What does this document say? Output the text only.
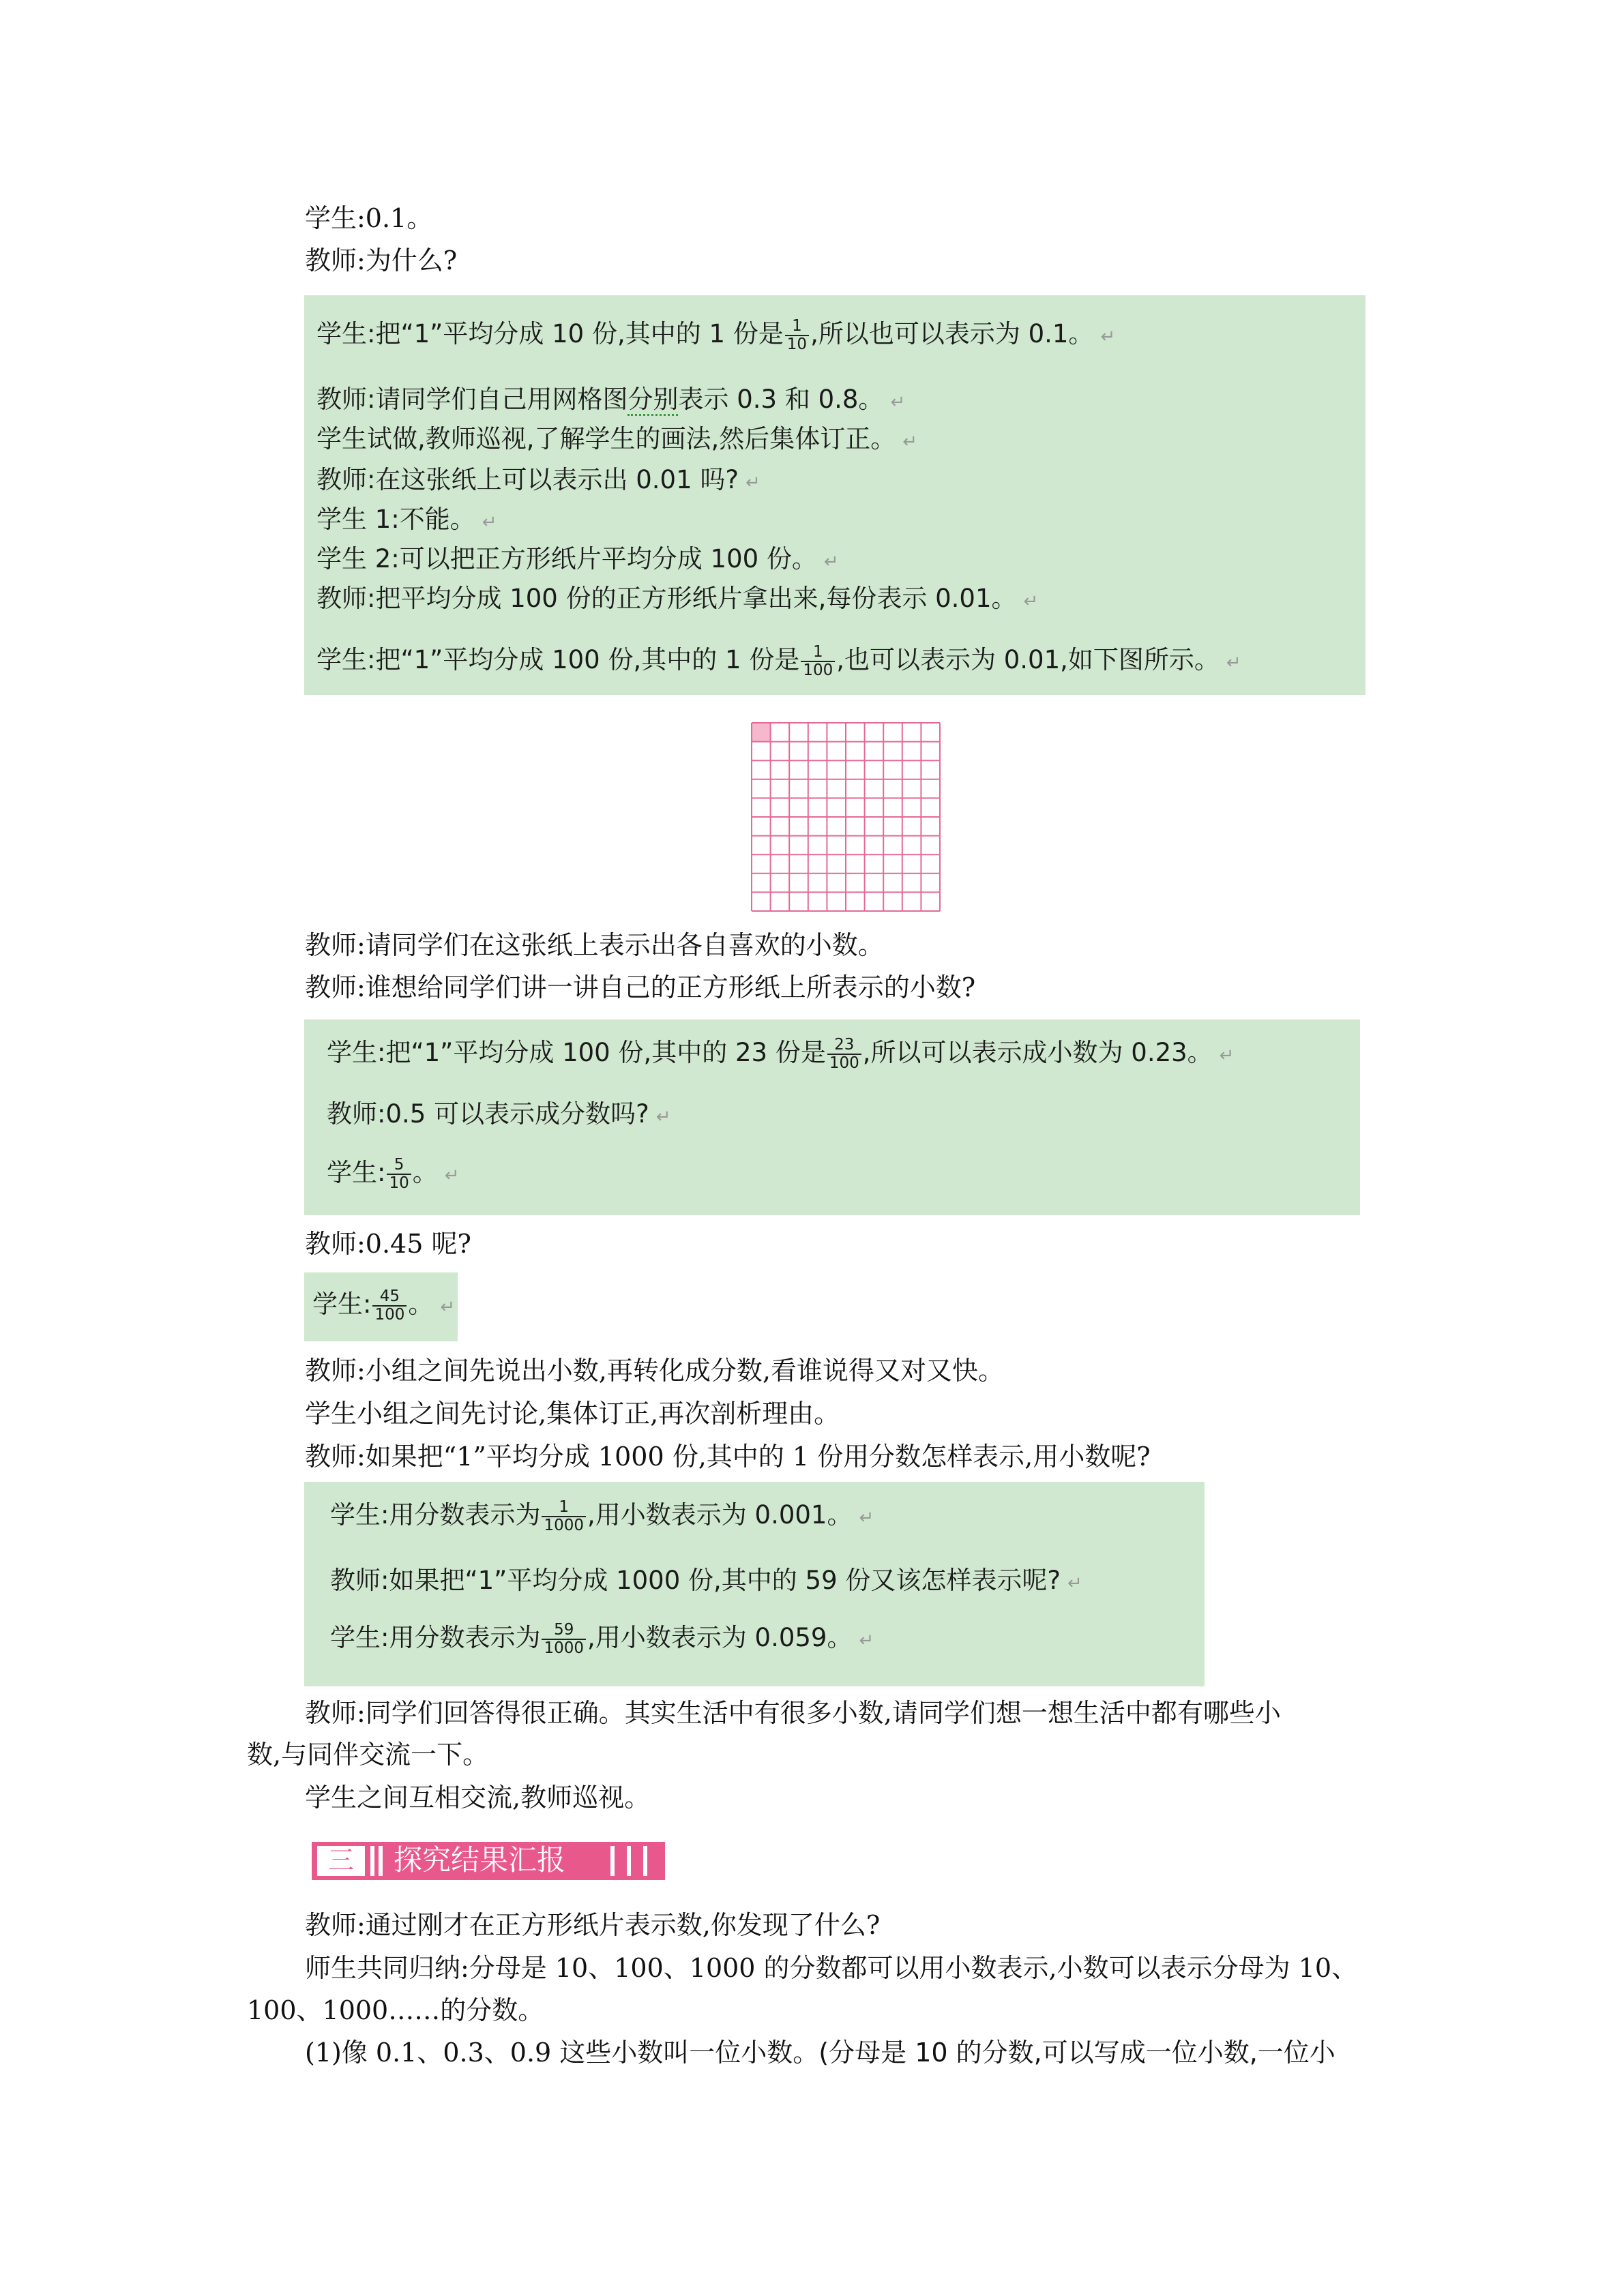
学生:0.1。
教师:为什么?
学生:把“1”平均分成 10 份,其中的 1 份是 $\frac{1}{10}$ ,所以也可以表示为 0.1。 ↵
教师:请同学们自己用网格图分别表示 0.3 和 0.8。 ↵
学生试做,教师巡视,了解学生的画法,然后集体订正。 ↵
教师:在这张纸上可以表示出 0.01 吗? ↵
学生 1:不能。 ↵
学生 2:可以把正方形纸片平均分成 100 份。 ↵
教师:把平均分成 100 份的正方形纸片拿出来,每份表示 0.01。 ↵
学生:把“1”平均分成 100 份,其中的 1 份是 $\frac{1}{100}$ ,也可以表示为 0.01,如下图所示。 ↵
教师:请同学们在这张纸上表示出各自喜欢的小数。
教师:谁想给同学们讲一讲自己的正方形纸上所表示的小数?
学生:把“1”平均分成 100 份,其中的 23 份是 $\frac{23}{100}$ ,所以可以表示成小数为 0.23。 ↵
教师:0.5 可以表示成分数吗? ↵
学生: $\frac{5}{10}$ 。 ↵
教师:0.45 呢?
学生: $\frac{45}{100}$ 。 ↵
教师:小组之间先说出小数,再转化成分数,看谁说得又对又快。
学生小组之间先讨论,集体订正,再次剖析理由。
教师:如果把“1”平均分成 1000 份,其中的 1 份用分数怎样表示,用小数呢?
学生:用分数表示为 $\frac{1}{1000}$ ,用小数表示为 0.001。 ↵
教师:如果把“1”平均分成 1000 份,其中的 59 份又该怎样表示呢? ↵
学生:用分数表示为 $\frac{59}{1000}$ ,用小数表示为 0.059。 ↵
教师:同学们回答得很正确。其实生活中有很多小数,请同学们想一想生活中都有哪些小
数,与同伴交流一下。
学生之间互相交流,教师巡视。
三 探究结果汇报
教师:通过刚才在正方形纸片表示数,你发现了什么?
师生共同归纳:分母是 10、100、1000 的分数都可以用小数表示,小数可以表示分母为 10、
100、1000……的分数。
(1)像 0.1、0.3、0.9 这些小数叫一位小数。(分母是 10 的分数,可以写成一位小数,一位小
